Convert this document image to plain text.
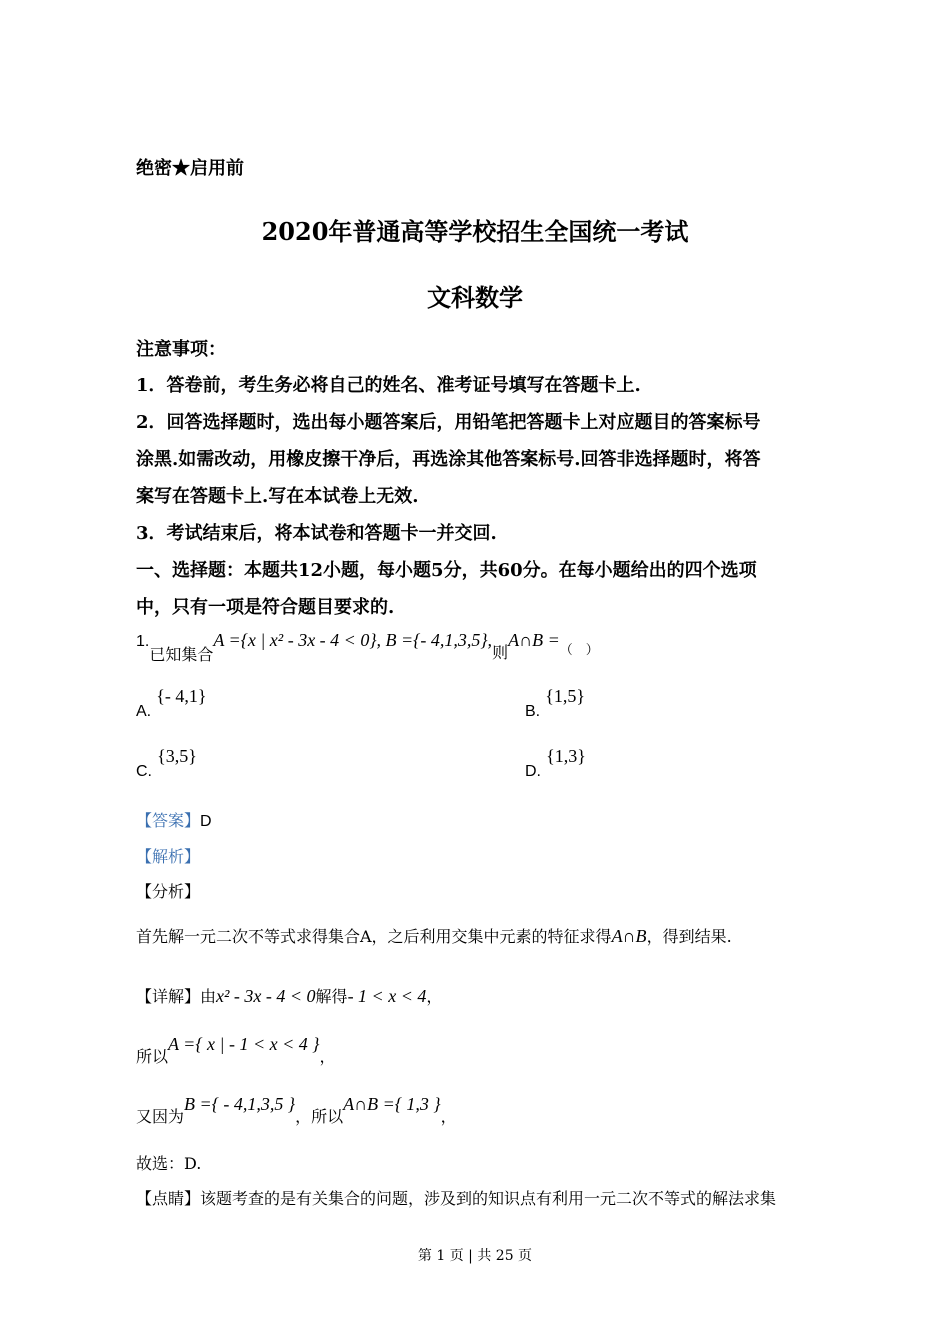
绝密★启用前
2020年普通高等学校招生全国统一考试
文科数学
注意事项：
1．答卷前，考生务必将自己的姓名、准考证号填写在答题卡上.
2．回答选择题时，选出每小题答案后，用铅笔把答题卡上对应题目的答案标号
涂黑.如需改动，用橡皮擦干净后，再选涂其他答案标号.回答非选择题时，将答
案写在答题卡上.写在本试卷上无效.
3．考试结束后，将本试卷和答题卡一并交回.
一、选择题：本题共12小题，每小题5分，共60分。在每小题给出的四个选项
中，只有一项是符合题目要求的.
1.已知集合A ={x | x² - 3x - 4 < 0}, B ={- 4,1,3,5},则A∩B $=_{( )}$
A. {- 4,1}
B. {1,5}
C. {3,5}
D. {1,3}
【答案】D
【解析】
【分析】
首先解一元二次不等式求得集合A，之后利用交集中元素的特征求得A∩B，得到结果.
【详解】由x² - 3x - 4 < 0解得- 1 < x < 4，
所以A ={ x | - 1 < x < 4 }，
又因为B ={ - 4,1,3,5 }，所以A∩B ={ 1,3 }，
故选：D.
【点睛】该题考查的是有关集合的问题，涉及到的知识点有利用一元二次不等式的解法求集
第 1 页 | 共 25 页
